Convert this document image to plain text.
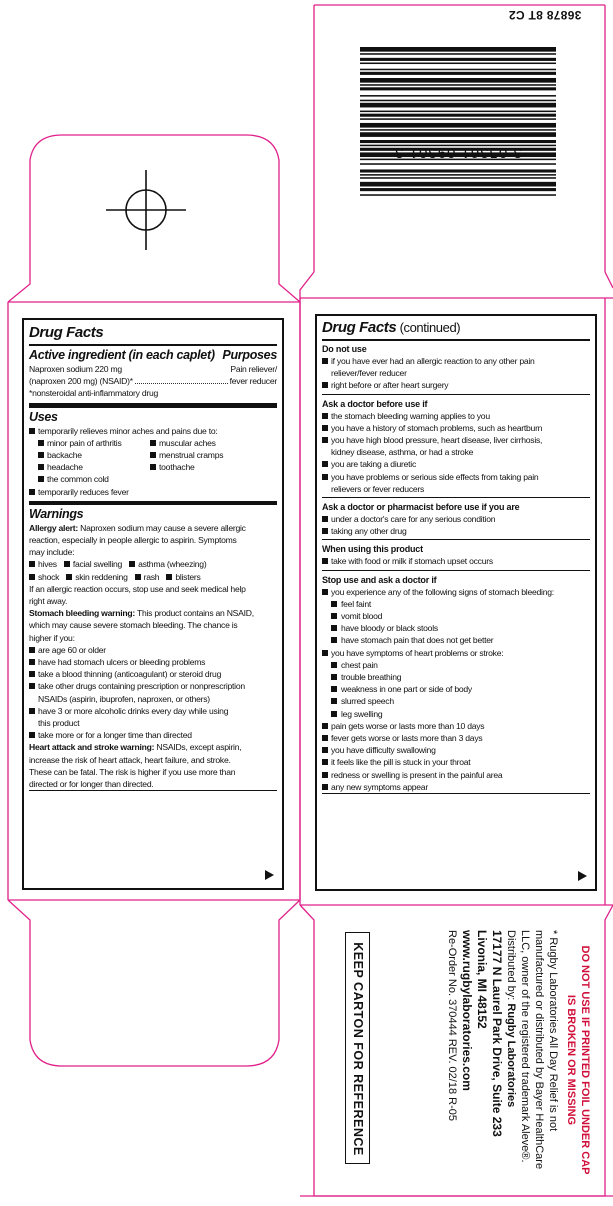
36878 8T C2
3 05361 09301 3
Drug Facts
Active ingredient (in each caplet) Purposes
Naproxen sodium 220 mg	Pain reliever/
(naproxen 200 mg) (NSAID)*	fever reducer
*nonsteroidal anti-inflammatory drug
Uses
temporarily relieves minor aches and pains due to:
minor pain of arthritis	muscular aches
backache	menstrual cramps
headache	toothache
the common cold
temporarily reduces fever
Warnings
Allergy alert: Naproxen sodium may cause a severe allergic
reaction, especially in people allergic to aspirin. Symptoms
may include:
hives	facial swelling	asthma (wheezing)
shock	skin reddening	rash	blisters
If an allergic reaction occurs, stop use and seek medical help
right away.
Stomach bleeding warning: This product contains an NSAID,
which may cause severe stomach bleeding. The chance is
higher if you:
are age 60 or older
have had stomach ulcers or bleeding problems
take a blood thinning (anticoagulant) or steroid drug
take other drugs containing prescription or nonprescription
NSAIDs (aspirin, ibuprofen, naproxen, or others)
have 3 or more alcoholic drinks every day while using
this product
take more or for a longer time than directed
Heart attack and stroke warning: NSAIDs, except aspirin,
increase the risk of heart attack, heart failure, and stroke.
These can be fatal. The risk is higher if you use more than
directed or for longer than directed.
Drug Facts (continued)
Do not use
if you have ever had an allergic reaction to any other pain
reliever/fever reducer
right before or after heart surgery
Ask a doctor before use if
the stomach bleeding warning applies to you
you have a history of stomach problems, such as heartburn
you have high blood pressure, heart disease, liver cirrhosis,
kidney disease, asthma, or had a stroke
you are taking a diuretic
you have problems or serious side effects from taking pain
relievers or fever reducers
Ask a doctor or pharmacist before use if you are
under a doctor's care for any serious condition
taking any other drug
When using this product
take with food or milk if stomach upset occurs
Stop use and ask a doctor if
you experience any of the following signs of stomach bleeding:
feel faint
vomit blood
have bloody or black stools
have stomach pain that does not get better
you have symptoms of heart problems or stroke:
chest pain
trouble breathing
weakness in one part or side of body
slurred speech
leg swelling
pain gets worse or lasts more than 10 days
fever gets worse or lasts more than 3 days
you have difficulty swallowing
it feels like the pill is stuck in your throat
redness or swelling is present in the painful area
any new symptoms appear
DO NOT USE IF PRINTED FOIL UNDER CAP
IS BROKEN OR MISSING
* Rugby Laboratories All Day Relief is not
manufactured or distributed by Bayer HealthCare
LLC, owner of the registered trademark Aleve®.
Distributed by: Rugby Laboratories
17177 N Laurel Park Drive, Suite 233
Livonia, MI 48152
www.rugbylaboratories.com
Re-Order No. 370444 REV. 02/18 R-05
KEEP CARTON FOR REFERENCE
